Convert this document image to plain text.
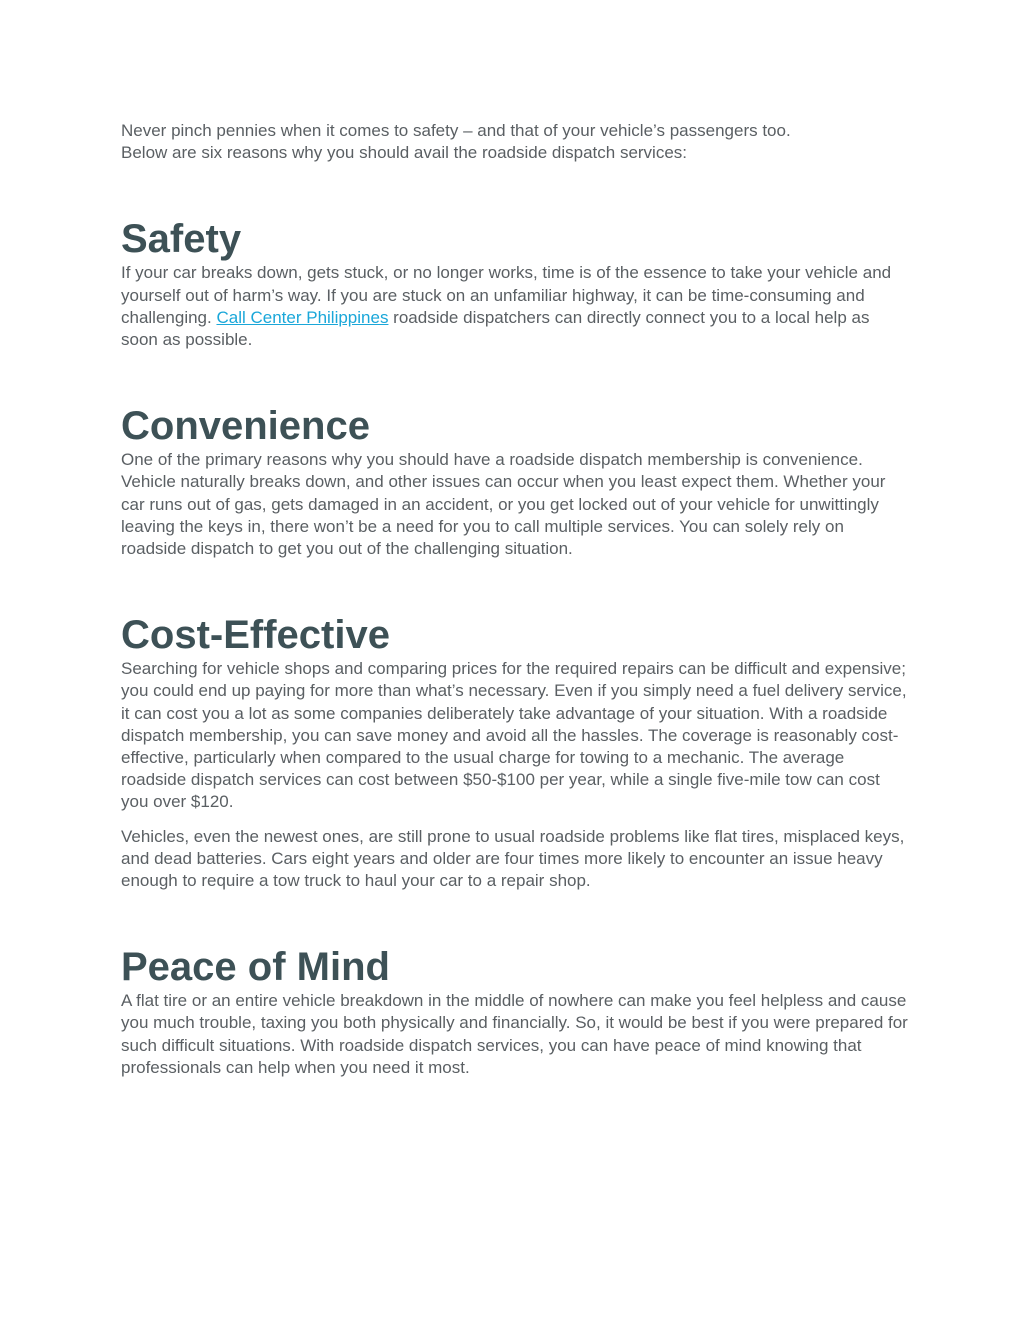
Never pinch pennies when it comes to safety – and that of your vehicle’s passengers too.
Below are six reasons why you should avail the roadside dispatch services:

Safety

If your car breaks down, gets stuck, or no longer works, time is of the essence to take your vehicle and yourself out of harm’s way. If you are stuck on an unfamiliar highway, it can be time-consuming and challenging. Call Center Philippines roadside dispatchers can directly connect you to a local help as soon as possible.

Convenience

One of the primary reasons why you should have a roadside dispatch membership is convenience. Vehicle naturally breaks down, and other issues can occur when you least expect them. Whether your car runs out of gas, gets damaged in an accident, or you get locked out of your vehicle for unwittingly leaving the keys in, there won’t be a need for you to call multiple services. You can solely rely on roadside dispatch to get you out of the challenging situation.

Cost-Effective

Searching for vehicle shops and comparing prices for the required repairs can be difficult and expensive; you could end up paying for more than what’s necessary. Even if you simply need a fuel delivery service, it can cost you a lot as some companies deliberately take advantage of your situation. With a roadside dispatch membership, you can save money and avoid all the hassles. The coverage is reasonably cost-effective, particularly when compared to the usual charge for towing to a mechanic. The average roadside dispatch services can cost between $50-$100 per year, while a single five-mile tow can cost you over $120.

Vehicles, even the newest ones, are still prone to usual roadside problems like flat tires, misplaced keys, and dead batteries. Cars eight years and older are four times more likely to encounter an issue heavy enough to require a tow truck to haul your car to a repair shop.

Peace of Mind

A flat tire or an entire vehicle breakdown in the middle of nowhere can make you feel helpless and cause you much trouble, taxing you both physically and financially. So, it would be best if you were prepared for such difficult situations. With roadside dispatch services, you can have peace of mind knowing that professionals can help when you need it most.
